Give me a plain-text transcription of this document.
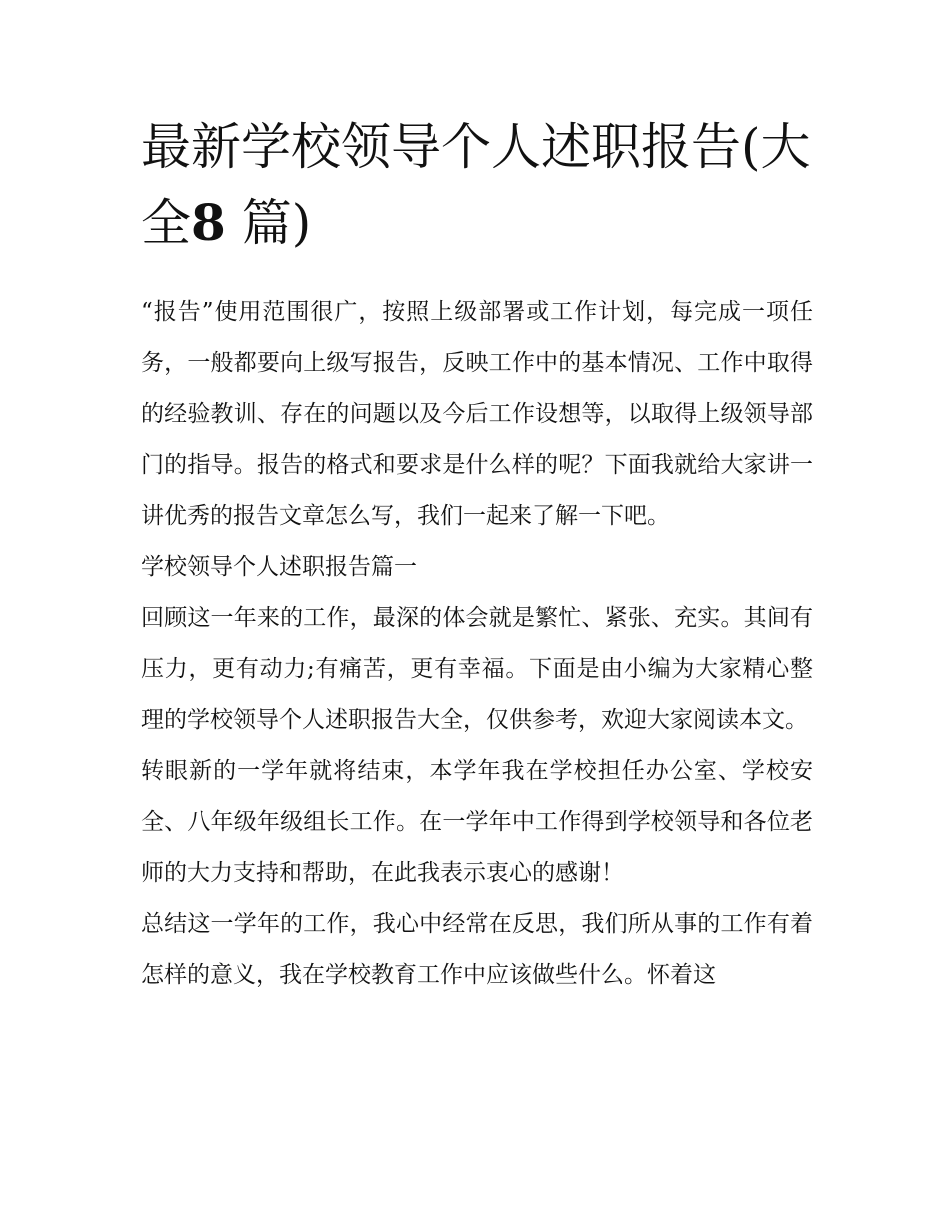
最新学校领导个人述职报告(大全8 篇)

“报告”使用范围很广，按照上级部署或工作计划，每完成一项任务，一般都要向上级写报告，反映工作中的基本情况、工作中取得的经验教训、存在的问题以及今后工作设想等，以取得上级领导部门的指导。报告的格式和要求是什么样的呢？下面我就给大家讲一讲优秀的报告文章怎么写，我们一起来了解一下吧。

学校领导个人述职报告篇一

回顾这一年来的工作，最深的体会就是繁忙、紧张、充实。其间有压力，更有动力;有痛苦，更有幸福。下面是由小编为大家精心整理的学校领导个人述职报告大全，仅供参考，欢迎大家阅读本文。

转眼新的一学年就将结束，本学年我在学校担任办公室、学校安全、八年级年级组长工作。在一学年中工作得到学校领导和各位老师的大力支持和帮助，在此我表示衷心的感谢！

总结这一学年的工作，我心中经常在反思，我们所从事的工作有着怎样的意义，我在学校教育工作中应该做些什么。怀着这
